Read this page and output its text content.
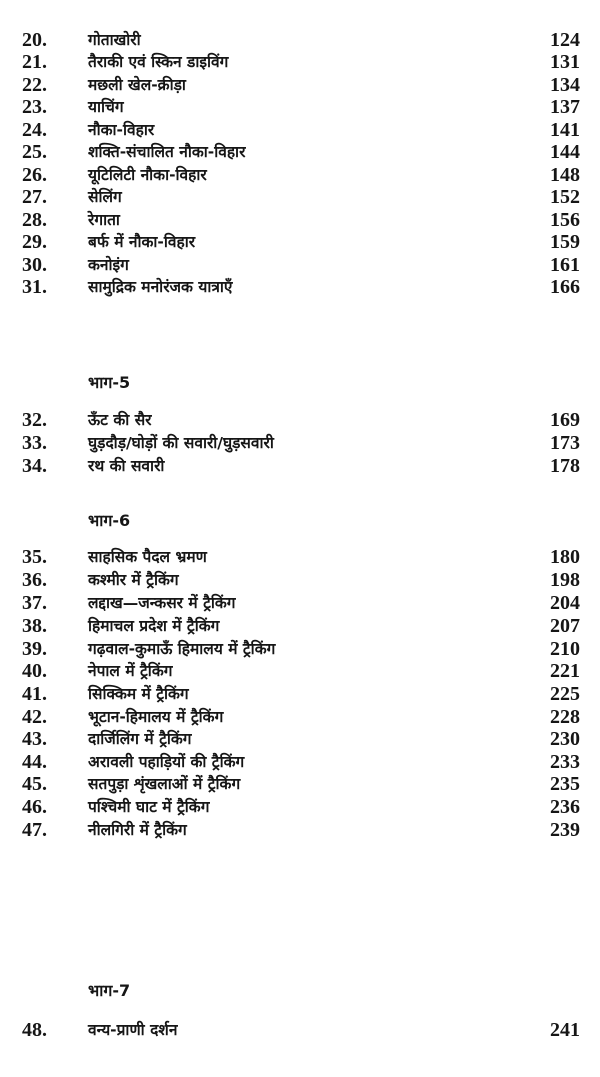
20.	गोताखोरी	124
21.	तैराकी एवं स्किन डाइविंग	131
22.	मछली खेल-क्रीड़ा	134
23.	याचिंग	137
24.	नौका-विहार	141
25.	शक्ति-संचालित नौका-विहार	144
26.	यूटिलिटी नौका-विहार	148
27.	सेलिंग	152
28.	रेगाता	156
29.	बर्फ में नौका-विहार	159
30.	कनोइंग	161
31.	सामुद्रिक मनोरंजक यात्राएँ	166
भाग-5
32.	ऊँट की सैर	169
33.	घुड़दौड़/घोड़ों की सवारी/घुड़सवारी	173
34.	रथ की सवारी	178
भाग-6
35.	साहसिक पैदल भ्रमण	180
36.	कश्मीर में ट्रैकिंग	198
37.	लद्दाख—जन्कसर में ट्रैकिंग	204
38.	हिमाचल प्रदेश में ट्रैकिंग	207
39.	गढ़वाल-कुमाऊँ हिमालय में ट्रैकिंग	210
40.	नेपाल में ट्रैकिंग	221
41.	सिक्किम में ट्रैकिंग	225
42.	भूटान-हिमालय में ट्रैकिंग	228
43.	दार्जिलिंग में ट्रैकिंग	230
44.	अरावली पहाड़ियों की ट्रैकिंग	233
45.	सतपुड़ा शृंखलाओं में ट्रैकिंग	235
46.	पश्चिमी घाट में ट्रैकिंग	236
47.	नीलगिरी में ट्रैकिंग	239
भाग-7
48.	वन्य-प्राणी दर्शन	241
